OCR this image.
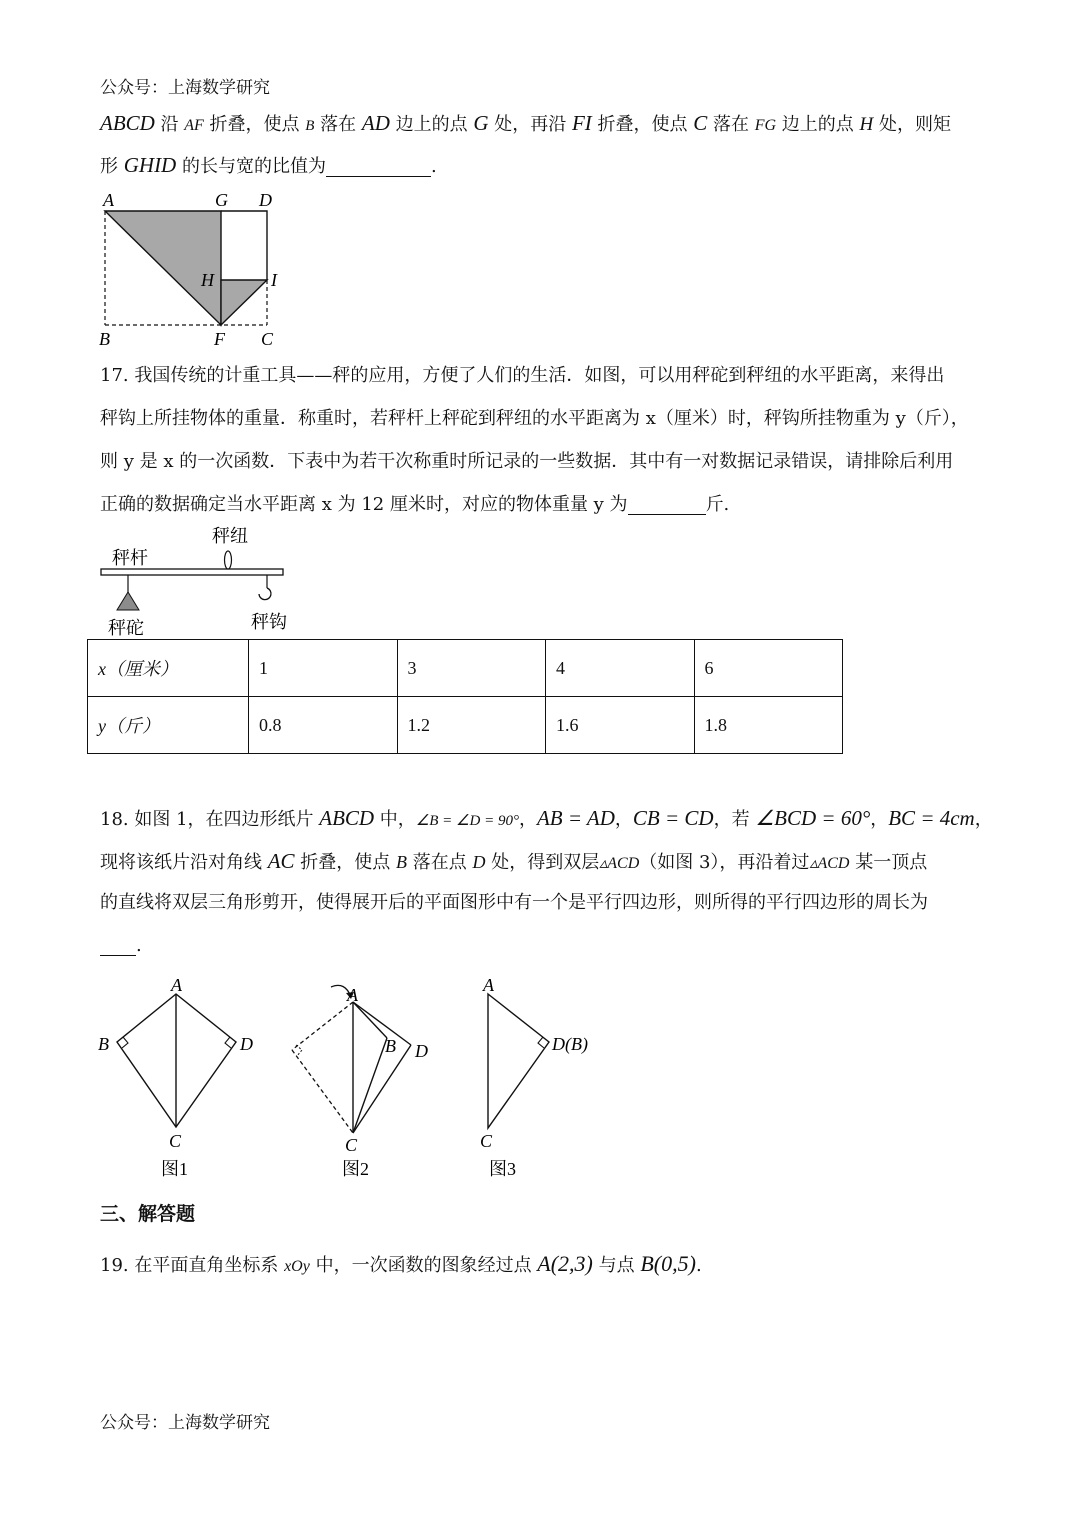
公众号：上海数学研究
ABCD 沿 AF 折叠，使点 B 落在 AD 边上的点 G 处，再沿 FI 折叠，使点 C 落在 FG 边上的点 H 处，则矩
形 GHID 的长与宽的比值为	.
A	G D
H	I
B	F C
17. 我国传统的计重工具——秤的应用，方便了人们的生活．如图，可以用秤砣到秤纽的水平距离，来得出
秤钩上所挂物体的重量．称重时，若秤杆上秤砣到秤纽的水平距离为 x（厘米）时，秤钩所挂物重为 y（斤），
则 y 是 x 的一次函数．下表中为若干次称重时所记录的一些数据．其中有一对数据记录错误，请排除后利用
正确的数据确定当水平距离 x 为 12 厘米时，对应的物体重量 y 为	斤.
秤纽
秤杆
秤砣	秤钩
x（厘米）	1	3	4	6
y（斤）	0.8	1.2	1.6	1.8
18. 如图 1，在四边形纸片 ABCD 中，∠B = ∠D = 90°，AB = AD，CB = CD，若 ∠BCD = 60°，BC = 4cm，
现将该纸片沿对角线 AC 折叠，使点 B 落在点 D 处，得到双层▵ACD（如图 3），再沿着过▵ACD 某一顶点
的直线将双层三角形剪开，使得展开后的平面图形中有一个是平行四边形，则所得的平行四边形的周长为
.
A
B	D
C
图1
A
B D
C
图2
A
D(B)
C
图3
三、解答题
19. 在平面直角坐标系 xOy 中，一次函数的图象经过点 A(2,3) 与点 B(0,5).
公众号：上海数学研究
